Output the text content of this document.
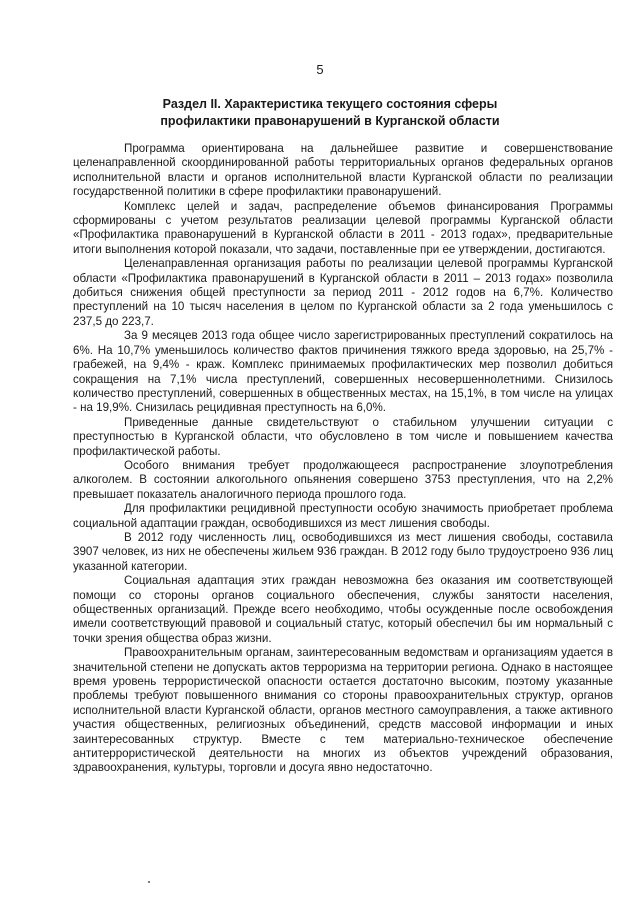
5
Раздел II. Характеристика текущего состояния сферы
профилактики правонарушений в Курганской области

Программа ориентирована на дальнейшее развитие и совершенствование целенаправленной скоординированной работы территориальных органов федеральных органов исполнительной власти и органов исполнительной власти Курганской области по реализации государственной политики в сфере профилактики правонарушений.

Комплекс целей и задач, распределение объемов финансирования Программы сформированы с учетом результатов реализации целевой программы Курганской области «Профилактика правонарушений в Курганской области в 2011 - 2013 годах», предварительные итоги выполнения которой показали, что задачи, поставленные при ее утверждении, достигаются.

Целенаправленная организация работы по реализации целевой программы Курганской области «Профилактика правонарушений в Курганской области в 2011 – 2013 годах» позволила добиться снижения общей преступности за период 2011 - 2012 годов на 6,7%. Количество преступлений на 10 тысяч населения в целом по Курганской области за 2 года уменьшилось с 237,5 до 223,7.

За 9 месяцев 2013 года общее число зарегистрированных преступлений сократилось на 6%. На 10,7% уменьшилось количество фактов причинения тяжкого вреда здоровью, на 25,7% - грабежей, на 9,4% - краж. Комплекс принимаемых профилактических мер позволил добиться сокращения на 7,1% числа преступлений, совершенных несовершеннолетними. Снизилось количество преступлений, совершенных в общественных местах, на 15,1%, в том числе на улицах - на 19,9%. Снизилась рецидивная преступность на 6,0%.

Приведенные данные свидетельствуют о стабильном улучшении ситуации с преступностью в Курганской области, что обусловлено в том числе и повышением качества профилактической работы.

Особого внимания требует продолжающееся распространение злоупотребления алкоголем. В состоянии алкогольного опьянения совершено 3753 преступления, что на 2,2% превышает показатель аналогичного периода прошлого года.

Для профилактики рецидивной преступности особую значимость приобретает проблема социальной адаптации граждан, освободившихся из мест лишения свободы.

В 2012 году численность лиц, освободившихся из мест лишения свободы, составила 3907 человек, из них не обеспечены жильем 936 граждан. В 2012 году было трудоустроено 936 лиц указанной категории.

Социальная адаптация этих граждан невозможна без оказания им соответствующей помощи со стороны органов социального обеспечения, службы занятости населения, общественных организаций. Прежде всего необходимо, чтобы осужденные после освобождения имели соответствующий правовой и социальный статус, который обеспечил бы им нормальный с точки зрения общества образ жизни.

Правоохранительным органам, заинтересованным ведомствам и организациям удается в значительной степени не допускать актов терроризма на территории региона. Однако в настоящее время уровень террористической опасности остается достаточно высоким, поэтому указанные проблемы требуют повышенного внимания со стороны правоохранительных структур, органов исполнительной власти Курганской области, органов местного самоуправления, а также активного участия общественных, религиозных объединений, средств массовой информации и иных заинтересованных структур. Вместе с тем материально-техническое обеспечение антитеррористической деятельности на многих из объектов учреждений образования, здравоохранения, культуры, торговли и досуга явно недостаточно.
